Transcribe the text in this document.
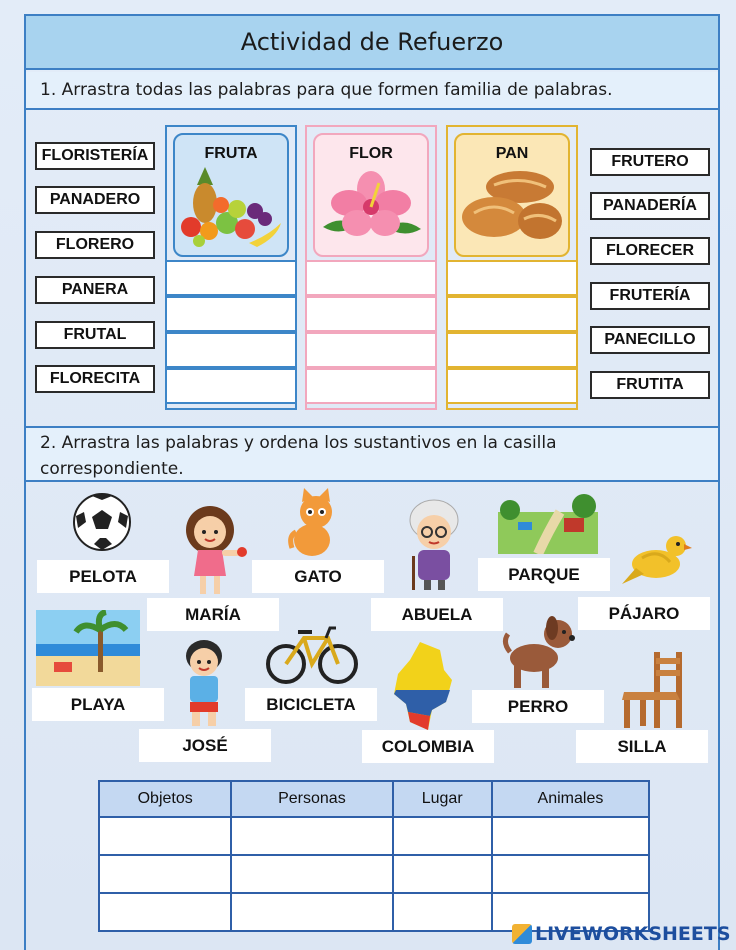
Actividad de Refuerzo
1. Arrastra todas las palabras para que formen familia de palabras.
FLORISTERÍA
PANADERO
FLORERO
PANERA
FRUTAL
FLORECITA
FRUTERO
PANADERÍA
FLORECER
FRUTERÍA
PANECILLO
FRUTITA
FRUTA	FLOR	PAN
2. Arrastra las palabras y ordena los sustantivos en la casilla
correspondiente.
PELOTA
MARÍA
GATO
ABUELA
PARQUE
PÁJARO
PLAYA	BICICLETA
JOSÉ	COLOMBIA
PERRO
SILLA
Objetos	Personas	Lugar	Animales

LIVEWORKSHEETS
